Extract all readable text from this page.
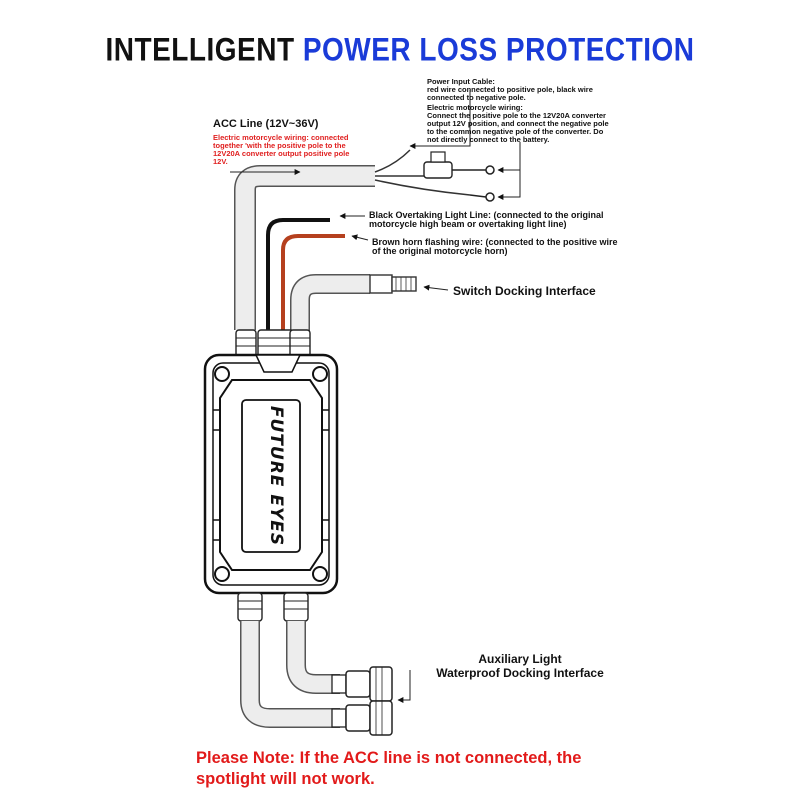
INTELLIGENT POWER LOSS PROTECTION
FUTURE EYES
Power Input Cable:
red wire connected to positive pole, black wire connected to negative pole.
Electric motorcycle wiring:
Connect the positive pole to the 12V20A converter output 12V position, and connect the negative pole to the common negative pole of the converter. Do not directly connect to the battery.
ACC Line (12V~36V)
Electric motorcycle wiring: connected together 'with the positive pole to the 12V20A converter output positive pole 12V.
Black Overtaking Light Line: (connected to the original motorcycle high beam or overtaking light line)
Brown horn flashing wire: (connected to the positive wire of the original motorcycle horn)
Switch Docking Interface
Auxiliary Light
Waterproof Docking Interface
Please Note: If the ACC line is not connected, the spotlight will not work.
